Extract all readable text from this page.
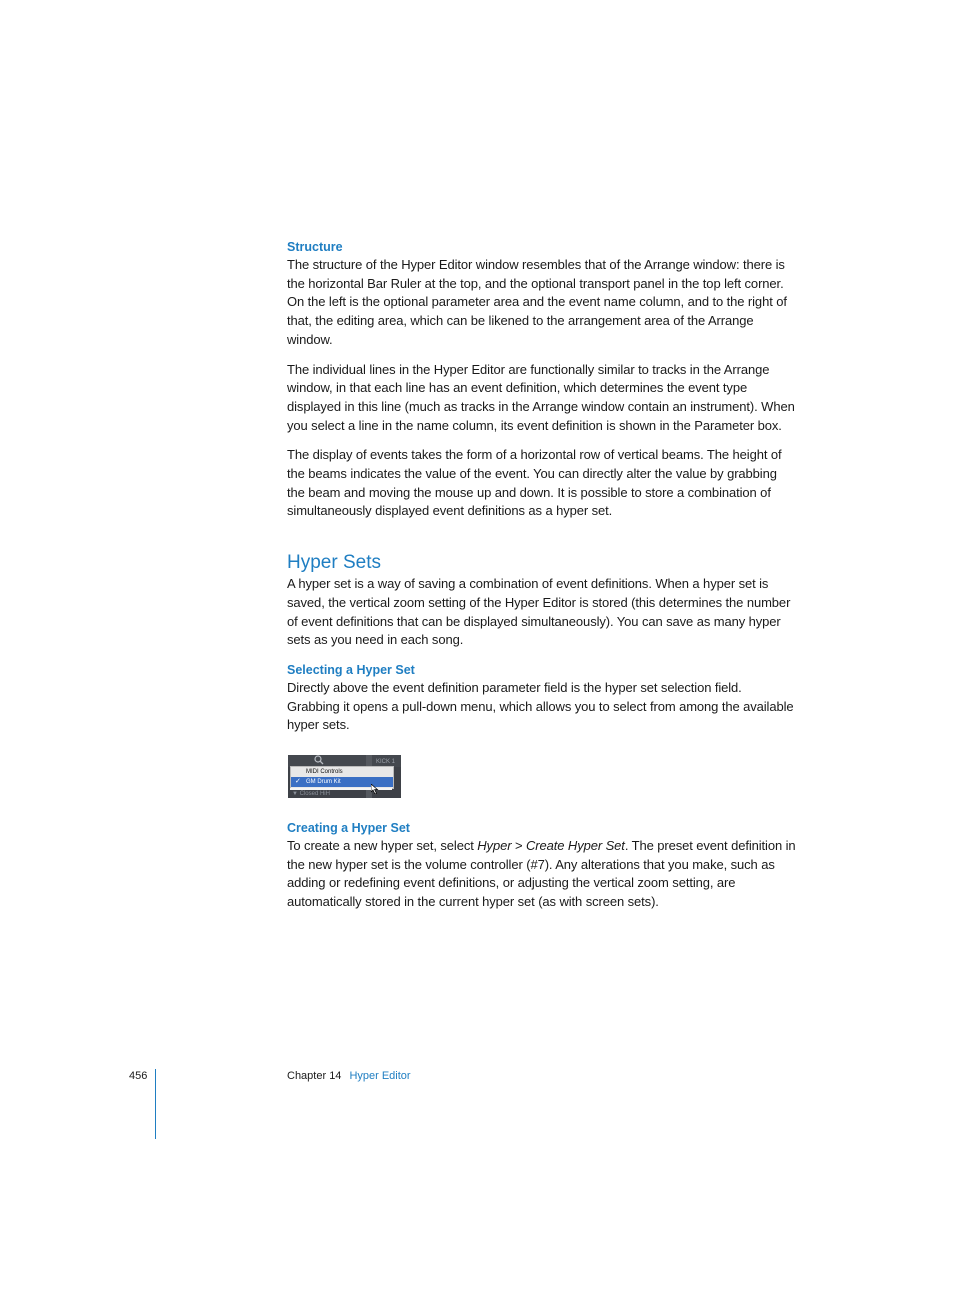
Structure

The structure of the Hyper Editor window resembles that of the Arrange window: there is the horizontal Bar Ruler at the top, and the optional transport panel in the top left corner. On the left is the optional parameter area and the event name column, and to the right of that, the editing area, which can be likened to the arrangement area of the Arrange window.

The individual lines in the Hyper Editor are functionally similar to tracks in the Arrange window, in that each line has an event definition, which determines the event type displayed in this line (much as tracks in the Arrange window contain an instrument). When you select a line in the name column, its event definition is shown in the Parameter box.

The display of events takes the form of a horizontal row of vertical beams. The height of the beams indicates the value of the event. You can directly alter the value by grabbing the beam and moving the mouse up and down. It is possible to store a combination of simultaneously displayed event definitions as a hyper set.

Hyper Sets

A hyper set is a way of saving a combination of event definitions. When a hyper set is saved, the vertical zoom setting of the Hyper Editor is stored (this determines the number of event definitions that can be displayed simultaneously). You can save as many hyper sets as you need in each song.

Selecting a Hyper Set

Directly above the event definition parameter field is the hyper set selection field. Grabbing it opens a pull-down menu, which allows you to select from among the available hyper sets.

KICK 1
MIDI Controls
✓ GM Drum Kit
▼ Closed HiH
Creating a Hyper Set

To create a new hyper set, select Hyper > Create Hyper Set. The preset event definition in the new hyper set is the volume controller (#7). Any alterations that you make, such as adding or redefining event definitions, or adjusting the vertical zoom setting, are automatically stored in the current hyper set (as with screen sets).

456	Chapter 14 Hyper Editor
